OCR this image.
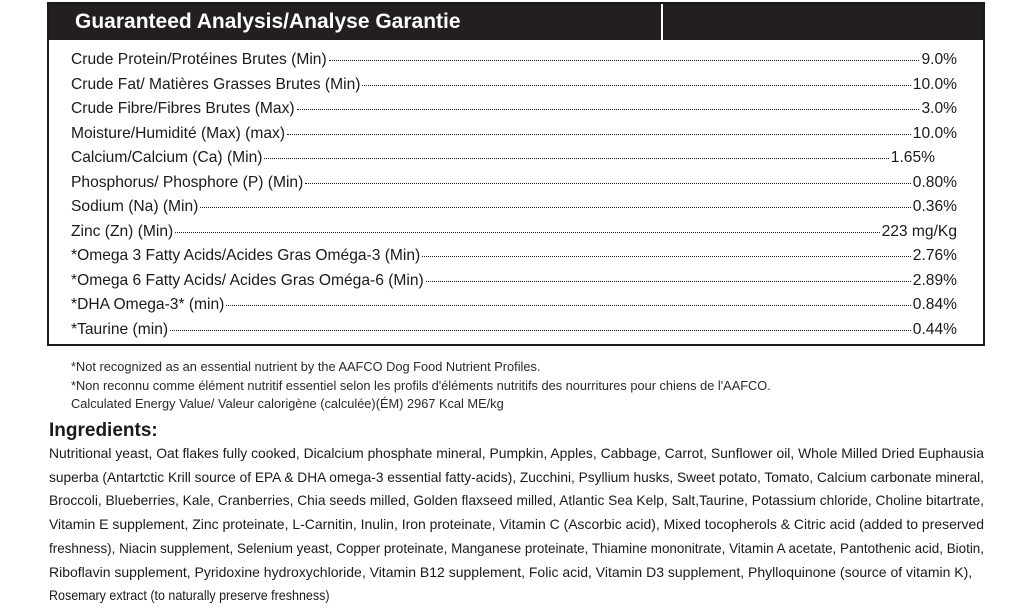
Guaranteed Analysis/Analyse Garantie
Crude Protein/Protéines Brutes (Min)	9.0%
Crude Fat/ Matières Grasses Brutes (Min)	10.0%
Crude Fibre/Fibres Brutes (Max)	3.0%
Moisture/Humidité (Max) (max)	10.0%
Calcium/Calcium (Ca) (Min)	1.65%
Phosphorus/ Phosphore (P) (Min)	0.80%
Sodium (Na) (Min)	0.36%
Zinc (Zn) (Min)	223 mg/Kg
*Omega 3 Fatty Acids/Acides Gras Oméga-3 (Min)	2.76%
*Omega 6 Fatty Acids/ Acides Gras Oméga-6 (Min)	2.89%
*DHA Omega-3* (min)	0.84%
*Taurine (min)	0.44%
*Not recognized as an essential nutrient by the AAFCO Dog Food Nutrient Profiles.
*Non reconnu comme élément nutritif essentiel selon les profils d'éléments nutritifs des nourritures pour chiens de l'AAFCO.
Calculated Energy Value/ Valeur calorigène (calculée)(ÉM) 2967 Kcal ME/kg
Ingredients:
Nutritional yeast, Oat flakes fully cooked, Dicalcium phosphate mineral, Pumpkin, Apples, Cabbage, Carrot, Sunflower oil, Whole Milled Dried Euphausia
superba (Antartctic Krill source of EPA & DHA omega-3 essential fatty-acids), Zucchini, Psyllium husks, Sweet potato, Tomato, Calcium carbonate mineral,
Broccoli, Blueberries, Kale, Cranberries, Chia seeds milled, Golden flaxseed milled, Atlantic Sea Kelp, Salt,Taurine, Potassium chloride, Choline bitartrate,
Vitamin E supplement, Zinc proteinate, L-Carnitin, Inulin, Iron proteinate, Vitamin C (Ascorbic acid), Mixed tocopherols & Citric acid (added to preserved
freshness), Niacin supplement, Selenium yeast, Copper proteinate, Manganese proteinate, Thiamine mononitrate, Vitamin A acetate, Pantothenic acid, Biotin,
Riboflavin supplement, Pyridoxine hydroxychloride, Vitamin B12 supplement, Folic acid, Vitamin D3 supplement, Phylloquinone (source of vitamin K),
Rosemary extract (to naturally preserve freshness)
